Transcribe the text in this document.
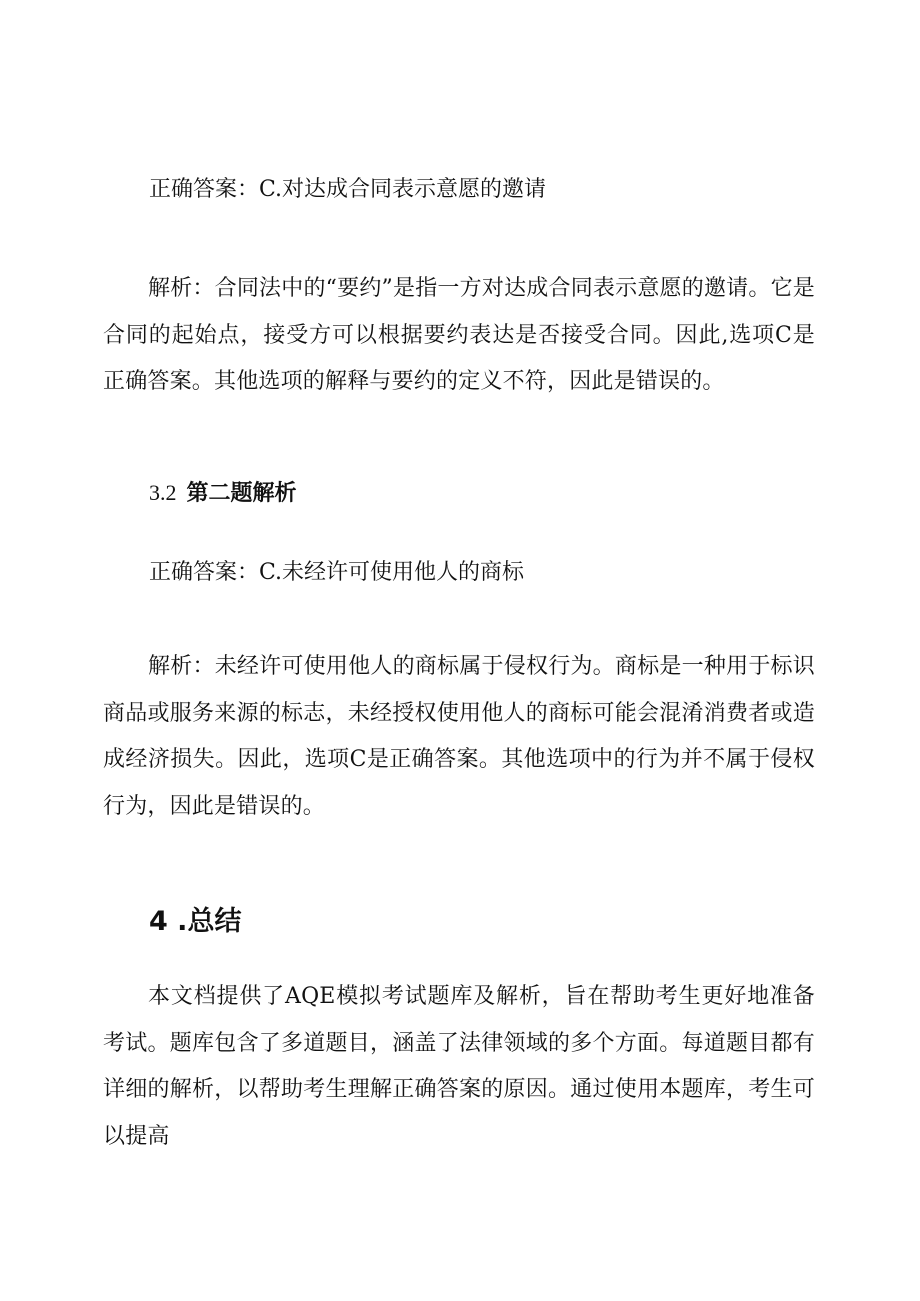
正确答案：C.对达成合同表示意愿的邀请

解析：合同法中的“要约”是指一方对达成合同表示意愿的邀请。它是合同的起始点，接受方可以根据要约表达是否接受合同。因此,选项C是正确答案。其他选项的解释与要约的定义不符，因此是错误的。

3.2 第二题解析

正确答案：C.未经许可使用他人的商标

解析：未经许可使用他人的商标属于侵权行为。商标是一种用于标识商品或服务来源的标志，未经授权使用他人的商标可能会混淆消费者或造成经济损失。因此，选项C是正确答案。其他选项中的行为并不属于侵权行为，因此是错误的。

4 .总结

本文档提供了AQE模拟考试题库及解析，旨在帮助考生更好地准备考试。题库包含了多道题目，涵盖了法律领域的多个方面。每道题目都有详细的解析，以帮助考生理解正确答案的原因。通过使用本题库，考生可以提高
